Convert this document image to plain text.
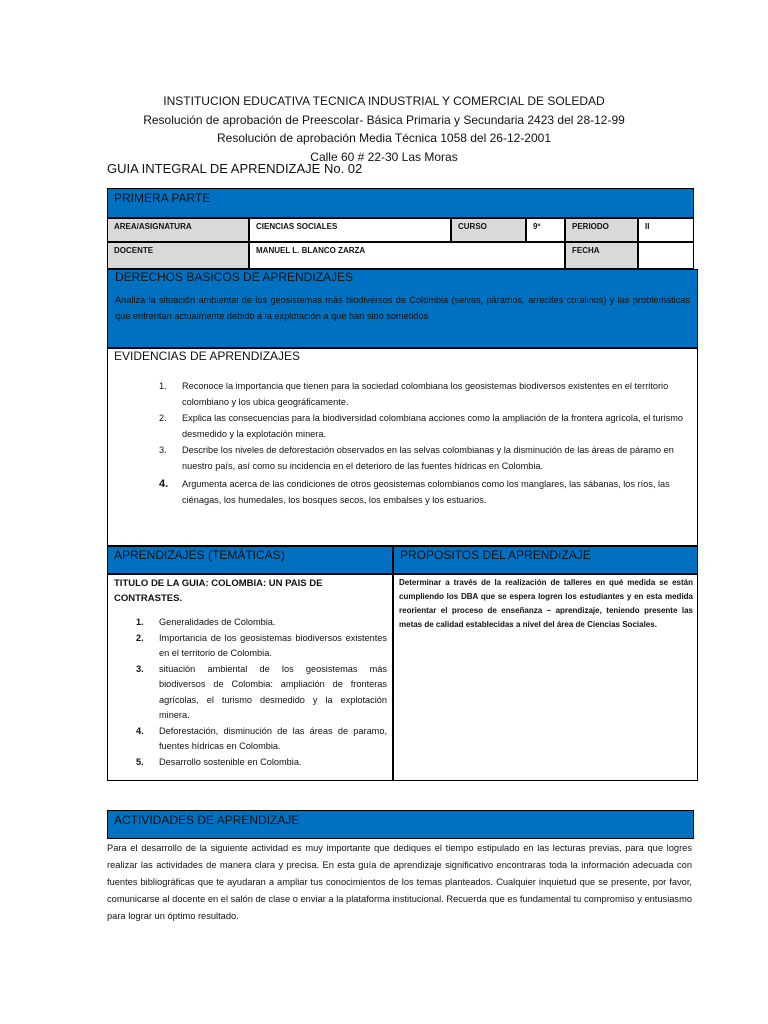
INSTITUCION EDUCATIVA TECNICA INDUSTRIAL Y COMERCIAL DE SOLEDAD
Resolución de aprobación de Preescolar- Básica Primaria y Secundaria 2423 del 28-12-99
Resolución de aprobación Media Técnica 1058 del 26-12-2001
Calle 60 # 22-30 Las Moras
GUIA INTEGRAL DE APRENDIZAJE No. 02
PRIMERA PARTE
AREA/ASIGNATURA	CIENCIAS SOCIALES	CURSO	9º	PERIODO	II
DOCENTE	MANUEL L. BLANCO ZARZA	FECHA
DERECHOS BASICOS DE APRENDIZAJES
Analiza la situación ambiental de los geosistemas más biodiversos de Colombia (selvas, páramos, arrecifes coralinos) y las problemáticas que enfrentan actualmente debido a la explotación a que han sido sometidos
EVIDENCIAS DE APRENDIZAJES
1. Reconoce la importancia que tienen para la sociedad colombiana los geosistemas biodiversos existentes en el territorio colombiano y los ubica geográficamente.
2. Explica las consecuencias para la biodiversidad colombiana acciones como la ampliación de la frontera agrícola, el turismo desmedido y la explotación minera.
3. Describe los niveles de deforestación observados en las selvas colombianas y la disminución de las áreas de páramo en nuestro país, así como su incidencia en el deterioro de las fuentes hídricas en Colombia.
4. Argumenta acerca de las condiciones de otros geosistemas colombianos como los manglares, las sábanas, los ríos, las ciénagas, los humedales, los bosques secos, los embalses y los estuarios.
APRENDIZAJES (TEMÁTICAS)	PROPOSITOS DEL APRENDIZAJE
TITULO DE LA GUIA: COLOMBIA: UN PAIS DE CONTRASTES.
1. Generalidades de Colombia.
2. Importancia de los geosistemas biodiversos existentes en el territorio de Colombia.
3. situación ambiental de los geosistemas más biodiversos de Colombia: ampliación de fronteras agrícolas, el turismo desmedido y la explotación minera.
4. Deforestación, disminución de las áreas de paramo, fuentes hídricas en Colombia.
5. Desarrollo sostenible en Colombia.
Determinar a través de la realización de talleres en qué medida se están cumpliendo los DBA que se espera logren los estudiantes y en esta medida reorientar el proceso de enseñanza – aprendizaje, teniendo presente las metas de calidad establecidas a nivel del área de Ciencias Sociales.
ACTIVIDADES DE APRENDIZAJE
Para el desarrollo de la siguiente actividad es muy importante que dediques el tiempo estipulado en las lecturas previas, para que logres realizar las actividades de manera clara y precisa. En esta guía de aprendizaje significativo encontraras toda la información adecuada con fuentes bibliográficas que te ayudaran a ampliar tus conocimientos de los temas planteados. Cualquier inquietud que se presente, por favor, comunicarse al docente en el salón de clase o enviar a la plataforma institucional. Recuerda que es fundamental tu compromiso y entusiasmo para lograr un óptimo resultado.
